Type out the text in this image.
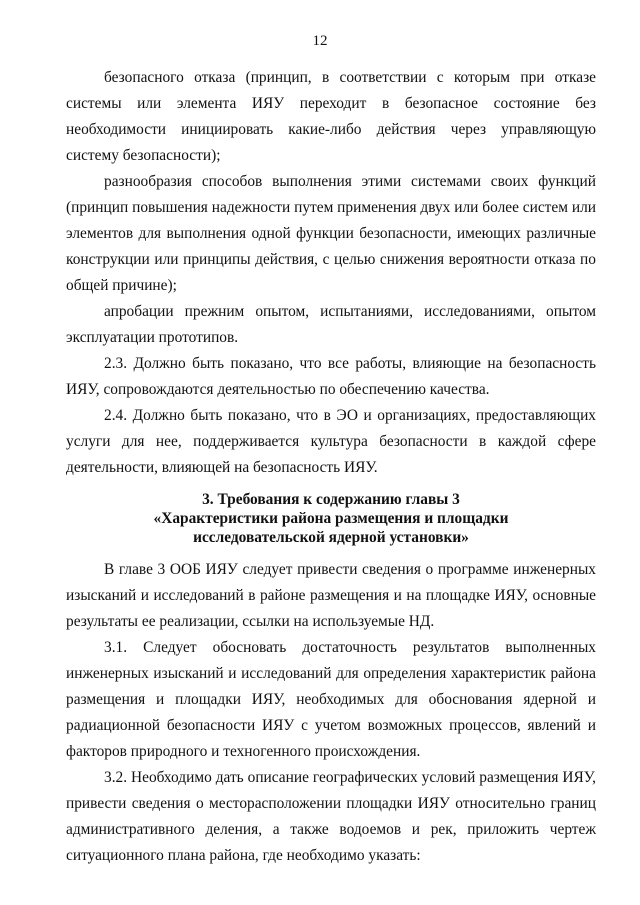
12

безопасного отказа (принцип, в соответствии с которым при отказе системы или элемента ИЯУ переходит в безопасное состояние без необходимости инициировать какие-либо действия через управляющую систему безопасности);

разнообразия способов выполнения этими системами своих функций (принцип повышения надежности путем применения двух или более систем или элементов для выполнения одной функции безопасности, имеющих различные конструкции или принципы действия, с целью снижения вероятности отказа по общей причине);

апробации прежним опытом, испытаниями, исследованиями, опытом эксплуатации прототипов.

2.3. Должно быть показано, что все работы, влияющие на безопасность ИЯУ, сопровождаются деятельностью по обеспечению качества.

2.4. Должно быть показано, что в ЭО и организациях, предоставляющих услуги для нее, поддерживается культура безопасности в каждой сфере деятельности, влияющей на безопасность ИЯУ.

3. Требования к содержанию главы 3
«Характеристики района размещения и площадки
исследовательской ядерной установки»

В главе 3 ООБ ИЯУ следует привести сведения о программе инженерных изысканий и исследований в районе размещения и на площадке ИЯУ, основные результаты ее реализации, ссылки на используемые НД.

3.1. Следует обосновать достаточность результатов выполненных инженерных изысканий и исследований для определения характеристик района размещения и площадки ИЯУ, необходимых для обоснования ядерной и радиационной безопасности ИЯУ с учетом возможных процессов, явлений и факторов природного и техногенного происхождения.

3.2. Необходимо дать описание географических условий размещения ИЯУ, привести сведения о месторасположении площадки ИЯУ относительно границ административного деления, а также водоемов и рек, приложить чертеж ситуационного плана района, где необходимо указать:
